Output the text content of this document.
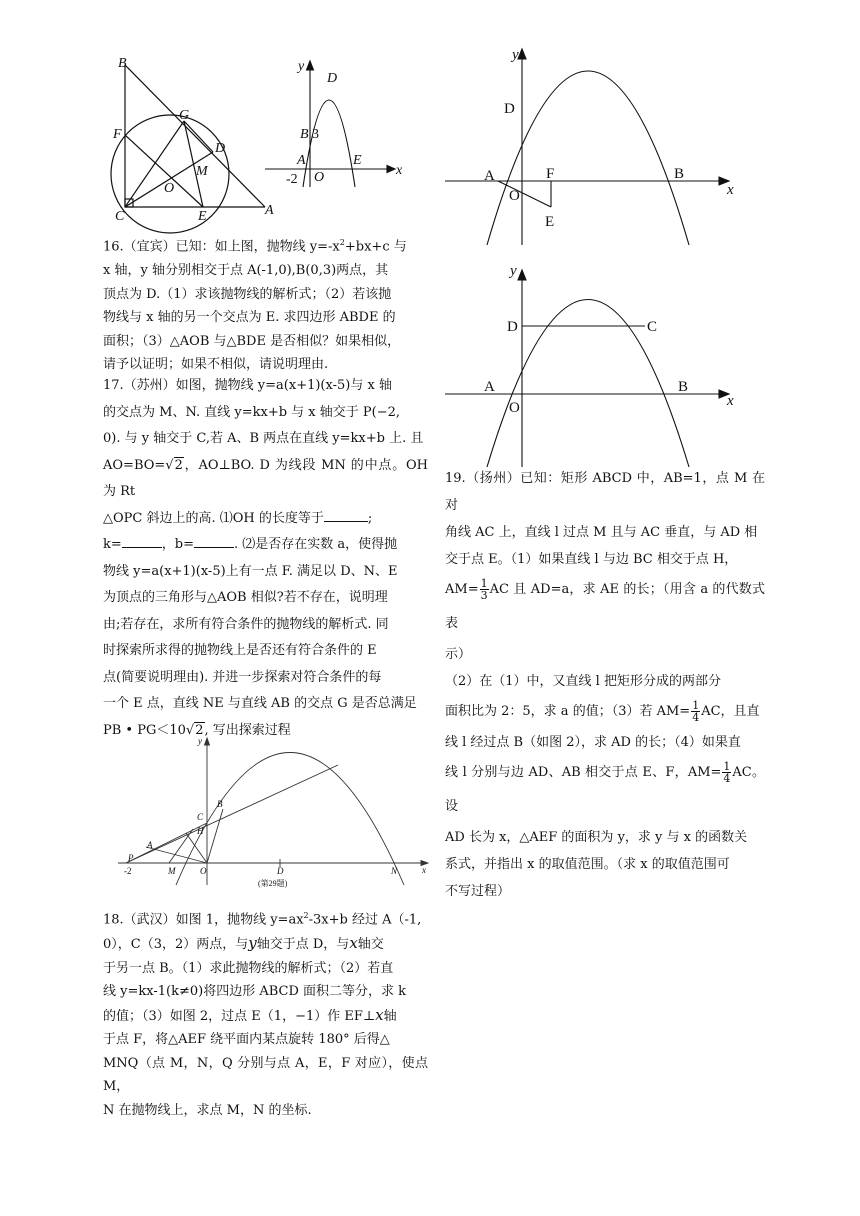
B
F
G
D
M
O
C	E	A
y
x
D
B 3
A
-2 O
E
y
x
D
A	F	B
O
E
y
x
D	C
A	B
O
y
x
B
C
H
A
P
M	O	D	N
-2
(第29题)
16.（宜宾）已知：如上图，抛物线 $y=-x^2+bx+c$ 与
x 轴，y 轴分别相交于点 A(-1,0),B(0,3)两点，其
顶点为 D.（1）求该抛物线的解析式；（2）若该抛
物线与 x 轴的另一个交点为 E. 求四边形 ABDE 的
面积；（3）△AOB 与△BDE 是否相似？如果相似，
请予以证明；如果不相似，请说明理由.
17.（苏州）如图，抛物线 y=a(x+1)(x-5)与 x 轴
的交点为 M、N. 直线 y=kx+b 与 x 轴交于 P(−2,
0). 与 y 轴交于 C,若 A、B 两点在直线 y=kx+b 上. 且
AO=BO=√2，AO⊥BO. D 为线段 MN 的中点。OH 为 Rt
△OPC 斜边上的高. ⑴OH 的长度等于	;
k=	，b=	. ⑵是否存在实数 a，使得抛
物线 y=a(x+1)(x-5)上有一点 F. 满足以 D、N、E
为顶点的三角形与△AOB 相似?若不存在，说明理
由;若存在，求所有符合条件的抛物线的解析式. 同
时探索所求得的抛物线上是否还有符合条件的 E
点(简要说明理由). 并进一步探索对符合条件的每
一个 E 点，直线 NE 与直线 AB 的交点 G 是否总满足
PB • PG＜10√2, 写出探索过程
18.（武汉）如图 1，抛物线 $y=ax^2-3x+b$ 经过 A（-1,
0），C（3，2）两点，与y轴交于点 D，与x轴交
于另一点 B。（1）求此抛物线的解析式；（2）若直
线 y=kx-1(k≠0)将四边形 ABCD 面积二等分，求 k
的值；（3）如图 2，过点 E（1，−1）作 EF⊥x轴
于点 F，将△AEF 绕平面内某点旋转 180° 后得△
MNQ（点 M，N，Q 分别与点 A，E，F 对应），使点 M，
N 在抛物线上，求点 M，N 的坐标.
19.（扬州）已知：矩形 ABCD 中，AB=1，点 M 在对
角线 AC 上，直线 l 过点 M 且与 AC 垂直，与 AD 相
交于点 E。（1）如果直线 l 与边 BC 相交于点 H，
$AM= \frac{1}{3}$ AC 且 AD=a，求 AE 的长；（用含 a 的代数式表
示）
（2）在（1）中，又直线 l 把矩形分成的两部分
面积比为 2：5，求 a 的值；（3）若 $AM= \frac{1}{4}$ AC，且直
线 l 经过点 B（如图 2），求 AD 的长；（4）如果直
线 l 分别与边 AD、AB 相交于点 E、F，$AM= \frac{1}{4}$ AC。设
AD 长为 x，△AEF 的面积为 y，求 y 与 x 的函数关
系式，并指出 x 的取值范围。（求 x 的取值范围可
不写过程）
